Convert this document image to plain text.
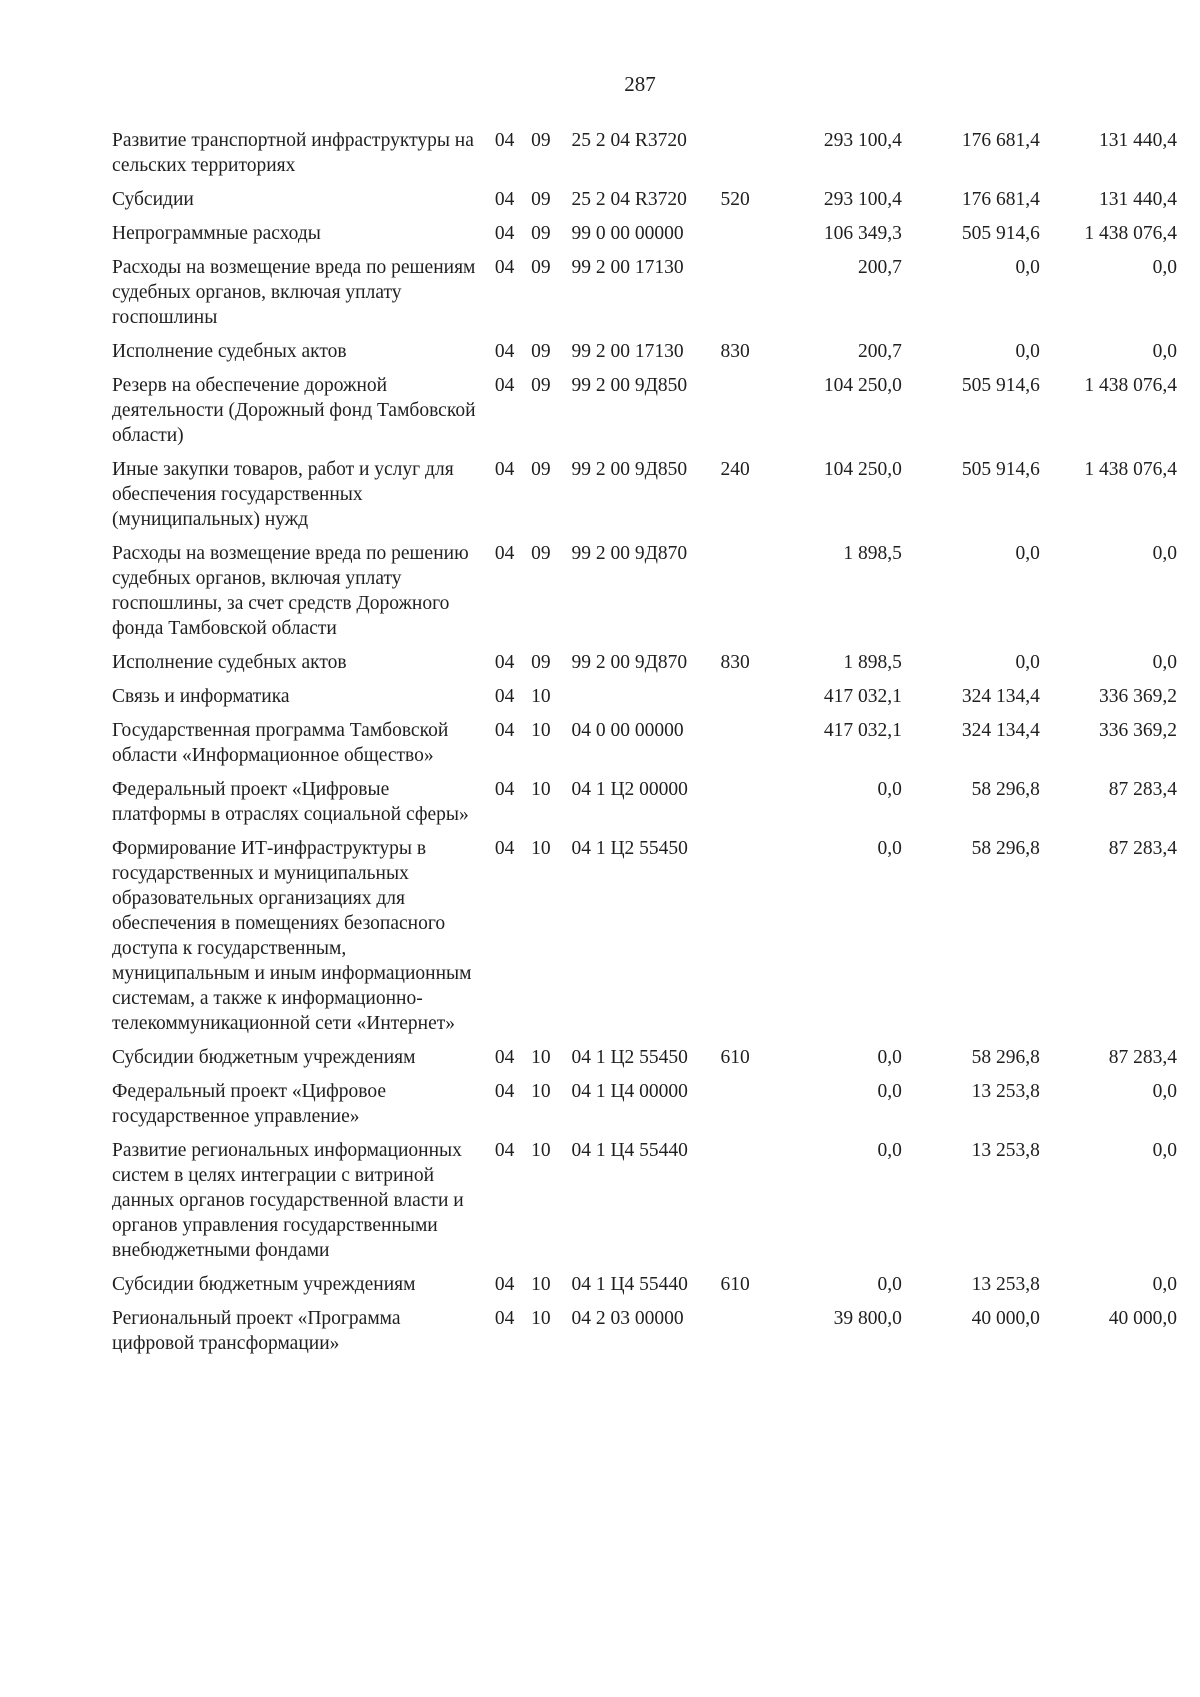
287
Развитие транспортной инфраструктуры на сельских территориях	04	09	25 2 04 R3720		293 100,4	176 681,4	131 440,4
Субсидии	04	09	25 2 04 R3720	520	293 100,4	176 681,4	131 440,4
Непрограммные расходы	04	09	99 0 00 00000		106 349,3	505 914,6	1 438 076,4
Расходы на возмещение вреда по решениям судебных органов, включая уплату госпошлины	04	09	99 2 00 17130		200,7	0,0	0,0
Исполнение судебных актов	04	09	99 2 00 17130	830	200,7	0,0	0,0
Резерв на обеспечение дорожной деятельности (Дорожный фонд Тамбовской области)	04	09	99 2 00 9Д850		104 250,0	505 914,6	1 438 076,4
Иные закупки товаров, работ и услуг для обеспечения государственных (муниципальных) нужд	04	09	99 2 00 9Д850	240	104 250,0	505 914,6	1 438 076,4
Расходы на возмещение вреда по решению судебных органов, включая уплату госпошлины, за счет средств Дорожного фонда Тамбовской области	04	09	99 2 00 9Д870		1 898,5	0,0	0,0
Исполнение судебных актов	04	09	99 2 00 9Д870	830	1 898,5	0,0	0,0
Связь и информатика	04	10			417 032,1	324 134,4	336 369,2
Государственная программа Тамбовской области «Информационное общество»	04	10	04 0 00 00000		417 032,1	324 134,4	336 369,2
Федеральный проект «Цифровые платформы в отраслях социальной сферы»	04	10	04 1 Ц2 00000		0,0	58 296,8	87 283,4
Формирование ИТ-инфраструктуры в государственных и муниципальных образовательных организациях для обеспечения в помещениях безопасного доступа к государственным, муниципальным и иным информационным системам, а также к информационно-телекоммуникационной сети «Интернет»	04	10	04 1 Ц2 55450		0,0	58 296,8	87 283,4
Субсидии бюджетным учреждениям	04	10	04 1 Ц2 55450	610	0,0	58 296,8	87 283,4
Федеральный проект «Цифровое государственное управление»	04	10	04 1 Ц4 00000		0,0	13 253,8	0,0
Развитие региональных информационных систем в целях интеграции с витриной данных органов государственной власти и органов управления государственными внебюджетными фондами	04	10	04 1 Ц4 55440		0,0	13 253,8	0,0
Субсидии бюджетным учреждениям	04	10	04 1 Ц4 55440	610	0,0	13 253,8	0,0
Региональный проект «Программа цифровой трансформации»	04	10	04 2 03 00000		39 800,0	40 000,0	40 000,0
